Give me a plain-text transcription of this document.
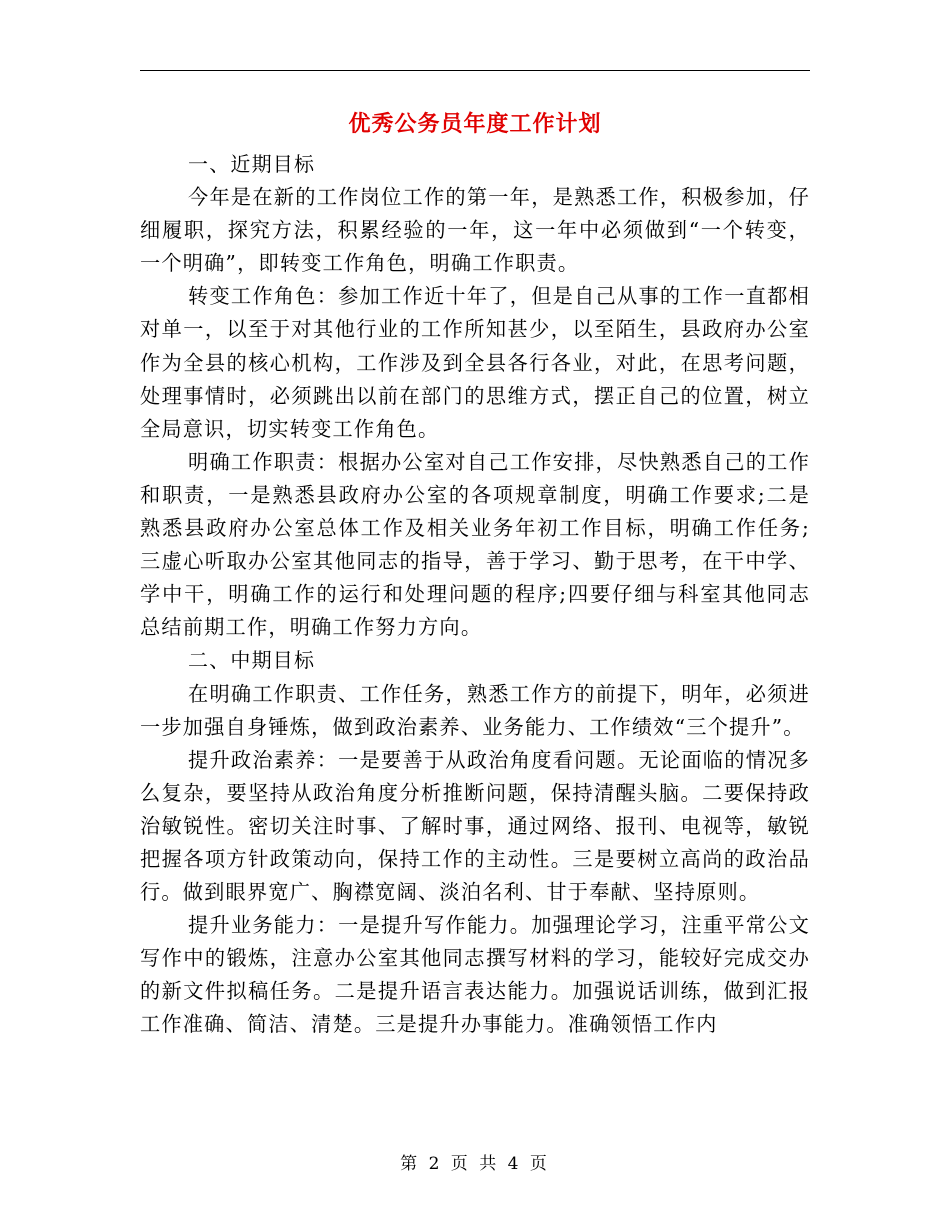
优秀公务员年度工作计划

一、近期目标

今年是在新的工作岗位工作的第一年，是熟悉工作，积极参加，仔细履职，探究方法，积累经验的一年，这一年中必须做到“一个转变，一个明确”，即转变工作角色，明确工作职责。

转变工作角色：参加工作近十年了，但是自己从事的工作一直都相对单一，以至于对其他行业的工作所知甚少，以至陌生，县政府办公室作为全县的核心机构，工作涉及到全县各行各业，对此，在思考问题，处理事情时，必须跳出以前在部门的思维方式，摆正自己的位置，树立全局意识，切实转变工作角色。

明确工作职责：根据办公室对自己工作安排，尽快熟悉自己的工作和职责，一是熟悉县政府办公室的各项规章制度，明确工作要求;二是熟悉县政府办公室总体工作及相关业务年初工作目标，明确工作任务;三虚心听取办公室其他同志的指导，善于学习、勤于思考，在干中学、学中干，明确工作的运行和处理问题的程序;四要仔细与科室其他同志总结前期工作，明确工作努力方向。

二、中期目标

在明确工作职责、工作任务，熟悉工作方的前提下，明年，必须进一步加强自身锤炼，做到政治素养、业务能力、工作绩效“三个提升”。

提升政治素养：一是要善于从政治角度看问题。无论面临的情况多么复杂，要坚持从政治角度分析推断问题，保持清醒头脑。二要保持政治敏锐性。密切关注时事、了解时事，通过网络、报刊、电视等，敏锐把握各项方针政策动向，保持工作的主动性。三是要树立高尚的政治品行。做到眼界宽广、胸襟宽阔、淡泊名利、甘于奉献、坚持原则。

提升业务能力：一是提升写作能力。加强理论学习，注重平常公文写作中的锻炼，注意办公室其他同志撰写材料的学习，能较好完成交办的新文件拟稿任务。二是提升语言表达能力。加强说话训练，做到汇报工作准确、简洁、清楚。三是提升办事能力。准确领悟工作内

第 2 页 共 4 页
